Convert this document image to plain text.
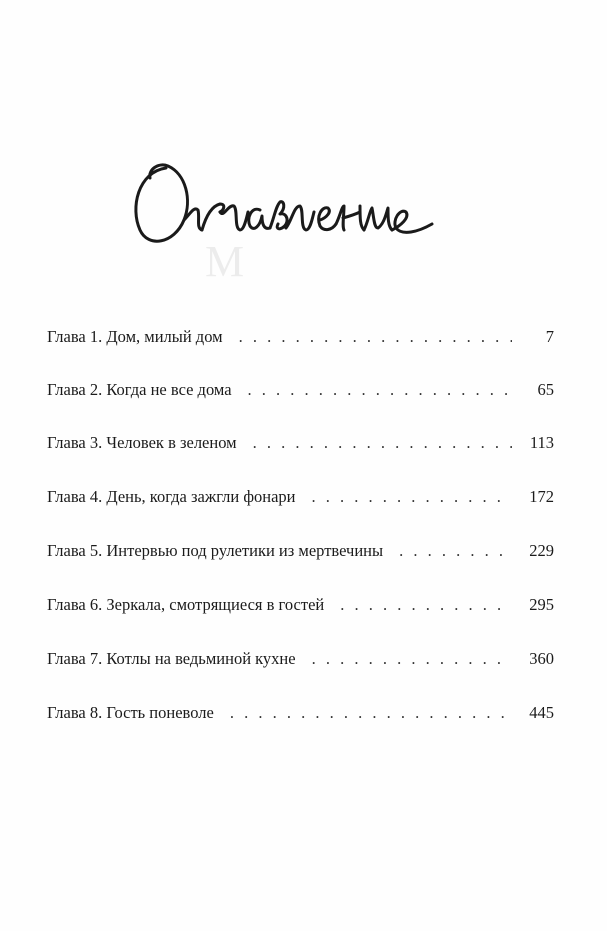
М
Глава 1. Дом, милый дом . . .	7
Глава 2. Когда не все дома . . .	65
Глава 3. Человек в зеленом . . .	113
Глава 4. День, когда зажгли фонари . . .	172
Глава 5. Интервью под рулетики из мертвечины . . .	229
Глава 6. Зеркала, смотрящиеся в гостей . . .	295
Глава 7. Котлы на ведьминой кухне . . .	360
Глава 8. Гость поневоле . . .	445
